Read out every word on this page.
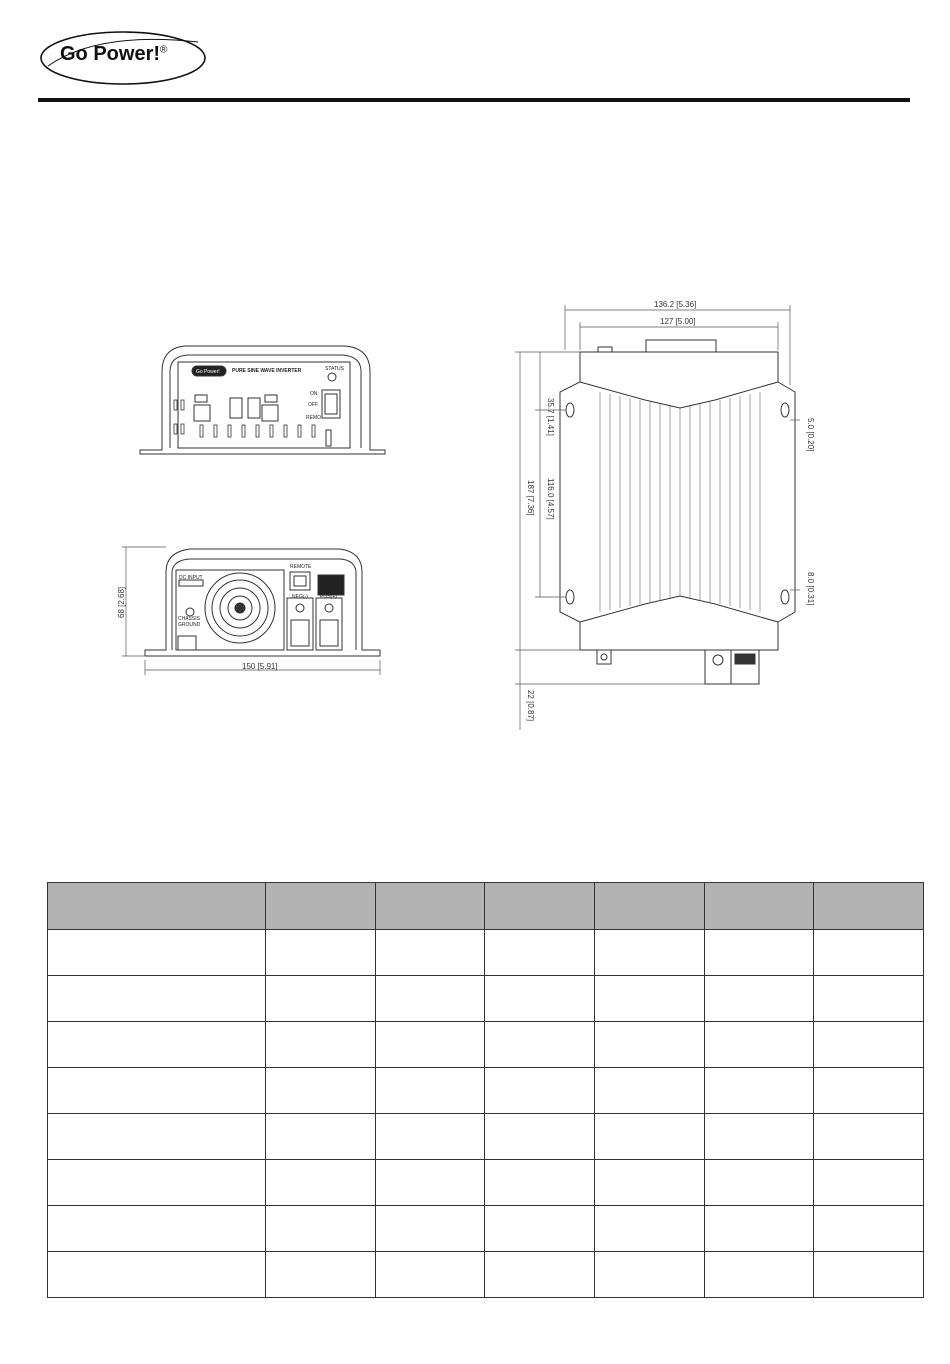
Go Power!®
Go Power! PURE SINE WAVE INVERTER	STATUS
ON
OFF
REMO
DC INPUT
REMOTE
NEG(-) POS(+)
CHASSIS
GROUND
68 [2.68]
150 [5.91]
136.2 [5.36]
127 [5.00]
35.7 [1.41]
187 [7.36] 116.0 [4.57]
5.0 [0.20]
8.0 [0.31]
22 [0.87]
